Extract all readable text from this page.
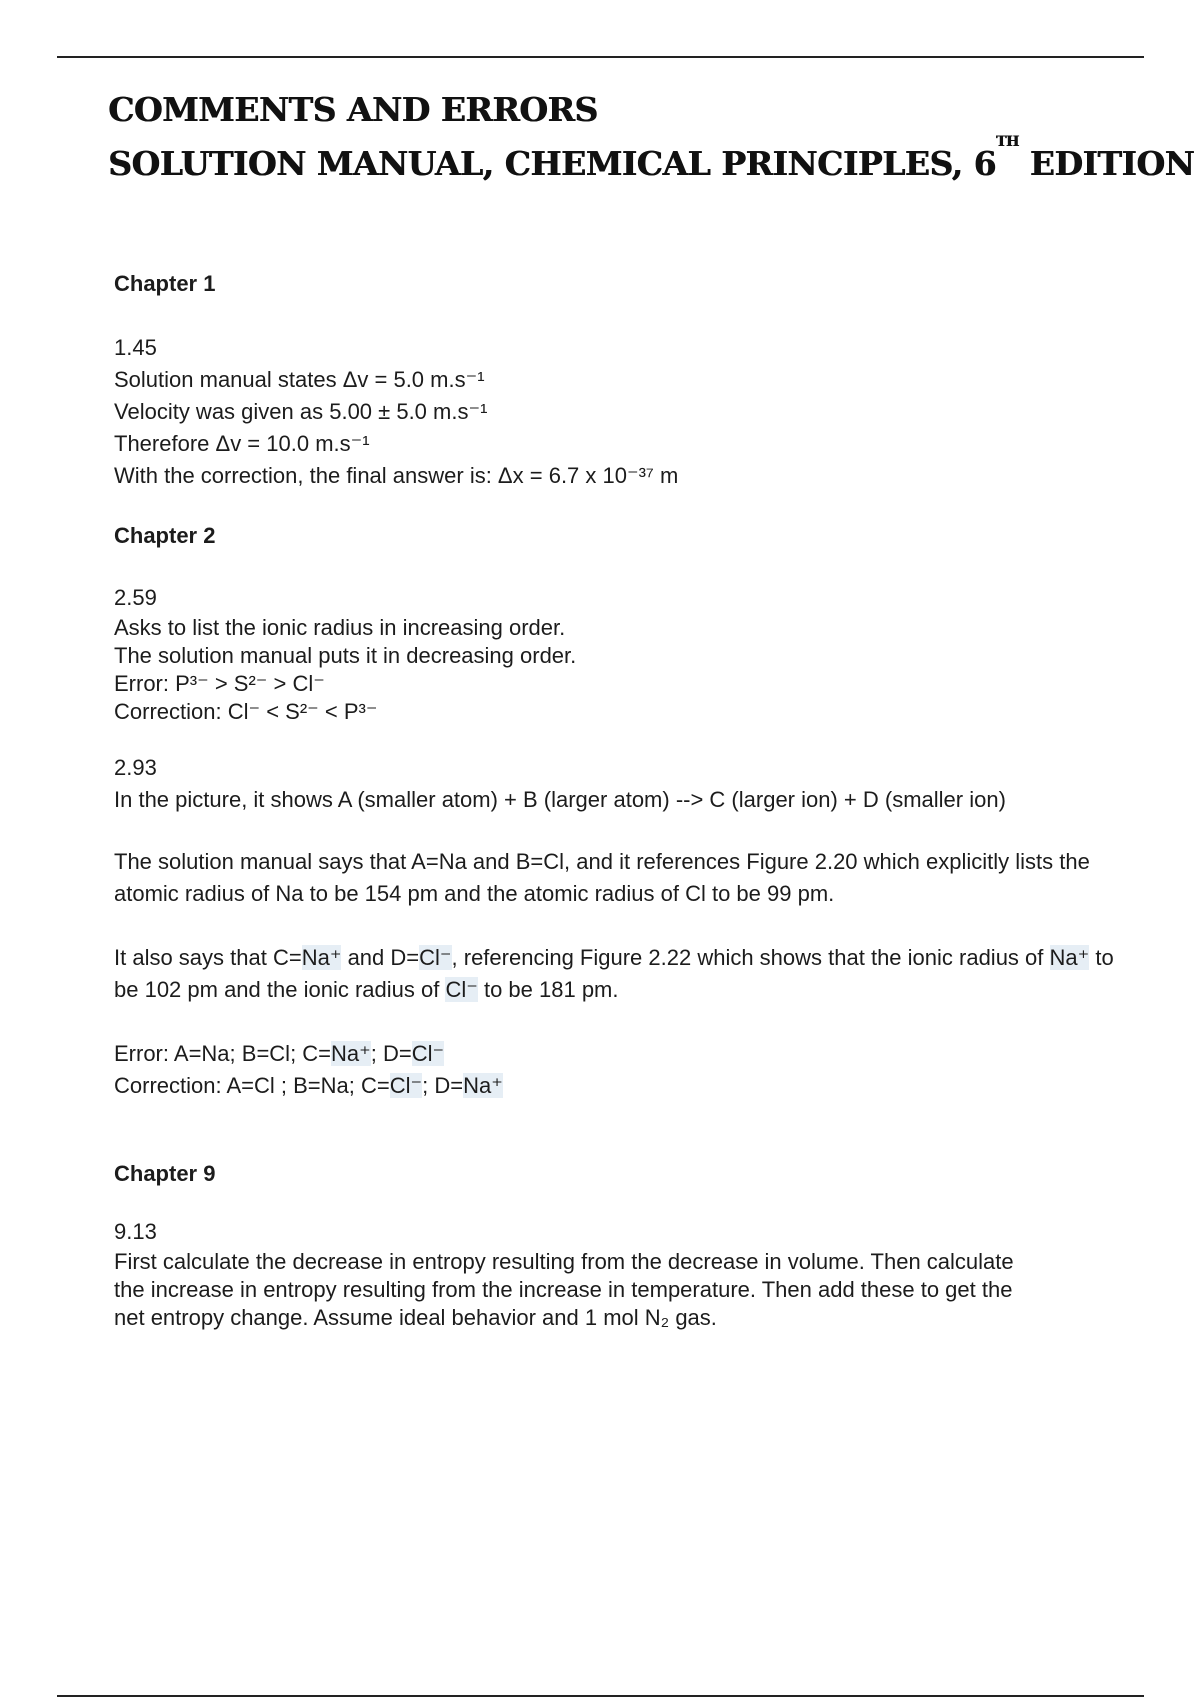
COMMENTS AND ERRORS
SOLUTION MANUAL, CHEMICAL PRINCIPLES, 6TH EDITION

Chapter 1

1.45
Solution manual states Δv = 5.0 m.s⁻¹
Velocity was given as 5.00 ± 5.0 m.s⁻¹
Therefore Δv = 10.0 m.s⁻¹
With the correction, the final answer is: Δx = 6.7 x 10⁻³⁷ m

Chapter 2

2.59
Asks to list the ionic radius in increasing order.
The solution manual puts it in decreasing order.
Error: P³⁻ > S²⁻ > Cl⁻
Correction: Cl⁻ < S²⁻ < P³⁻
2.93
In the picture, it shows A (smaller atom) + B (larger atom) --> C (larger ion) + D (smaller ion)

The solution manual says that A=Na and B=Cl, and it references Figure 2.20 which explicitly lists the atomic radius of Na to be 154 pm and the atomic radius of Cl to be 99 pm.

It also says that C=Na⁺ and D=Cl⁻, referencing Figure 2.22 which shows that the ionic radius of Na⁺ to be 102 pm and the ionic radius of Cl⁻ to be 181 pm.

Error: A=Na; B=Cl; C=Na⁺; D=Cl⁻
Correction: A=Cl ; B=Na; C=Cl⁻; D=Na⁺

Chapter 9

9.13
First calculate the decrease in entropy resulting from the decrease in volume. Then calculate
the increase in entropy resulting from the increase in temperature. Then add these to get the
net entropy change. Assume ideal behavior and 1 mol N₂ gas.
